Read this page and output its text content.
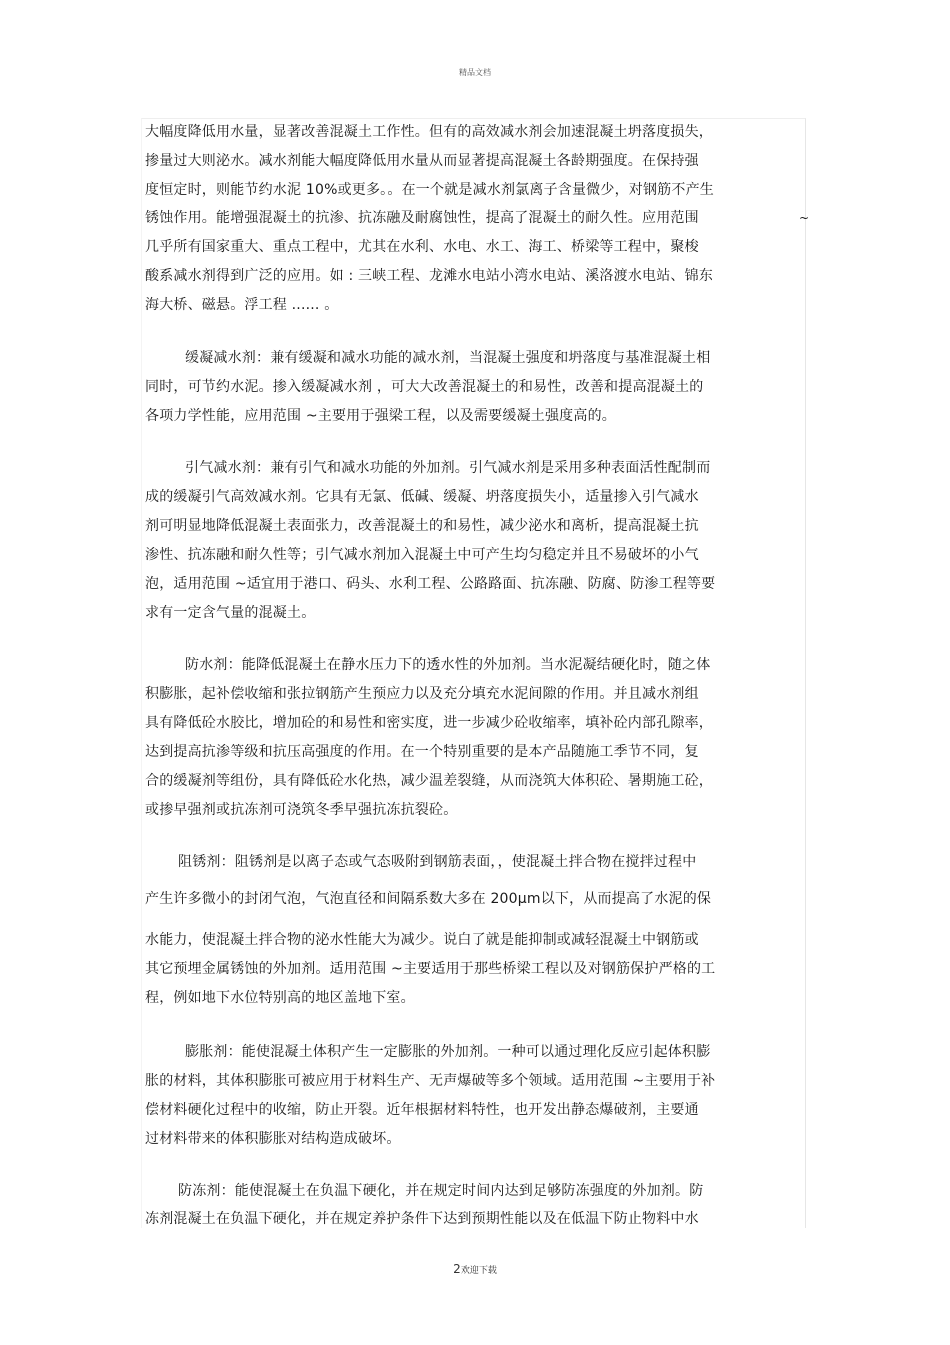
精品文档
大幅度降低用水量，显著改善混凝土工作性。但有的高效减水剂会加速混凝土坍落度损失，
掺量过大则泌水。减水剂能大幅度降低用水量从而显著提高混凝土各龄期强度。在保持强
度恒定时，则能节约水泥 10%或更多。。在一个就是减水剂氯离子含量微少，对钢筋不产生
锈蚀作用。能增强混凝土的抗渗、抗冻融及耐腐蚀性，提高了混凝土的耐久性。应用范围	~
几乎所有国家重大、重点工程中，尤其在水利、水电、水工、海工、桥梁等工程中，聚梭
酸系减水剂得到广泛的应用。如 : 三峡工程、龙滩水电站小湾水电站、溪洛渡水电站、锦东
海大桥、磁悬。浮工程 ...... 。
缓凝减水剂：兼有缓凝和减水功能的减水剂，当混凝土强度和坍落度与基准混凝土相
同时，可节约水泥。掺入缓凝减水剂 ，可大大改善混凝土的和易性，改善和提高混凝土的
各项力学性能，应用范围 ~主要用于强梁工程，以及需要缓凝土强度高的。
引气减水剂：兼有引气和减水功能的外加剂。引气减水剂是采用多种表面活性配制而
成的缓凝引气高效减水剂。它具有无氯、低碱、缓凝、坍落度损失小，适量掺入引气减水
剂可明显地降低混凝土表面张力，改善混凝土的和易性，减少泌水和离析，提高混凝土抗
渗性、抗冻融和耐久性等；引气减水剂加入混凝土中可产生均匀稳定并且不易破坏的小气
泡，适用范围 ~适宜用于港口、码头、水利工程、公路路面、抗冻融、防腐、防渗工程等要
求有一定含气量的混凝土。
防水剂：能降低混凝土在静水压力下的透水性的外加剂。当水泥凝结硬化时，随之体
积膨胀，起补偿收缩和张拉钢筋产生预应力以及充分填充水泥间隙的作用。并且减水剂组
具有降低砼水胶比，增加砼的和易性和密实度，进一步减少砼收缩率，填补砼内部孔隙率，
达到提高抗渗等级和抗压高强度的作用。在一个特别重要的是本产品随施工季节不同，复
合的缓凝剂等组份，具有降低砼水化热，减少温差裂缝，从而浇筑大体积砼、暑期施工砼，
或掺早强剂或抗冻剂可浇筑冬季早强抗冻抗裂砼。
阻锈剂：阻锈剂是以离子态或气态吸附到钢筋表面，，使混凝土拌合物在搅拌过程中
产生许多微小的封闭气泡，气泡直径和间隔系数大多在 200μm以下，从而提高了水泥的保
水能力，使混凝土拌合物的泌水性能大为减少。说白了就是能抑制或减轻混凝土中钢筋或
其它预埋金属锈蚀的外加剂。适用范围 ~主要适用于那些桥梁工程以及对钢筋保护严格的工
程，例如地下水位特别高的地区盖地下室。
膨胀剂：能使混凝土体积产生一定膨胀的外加剂。一种可以通过理化反应引起体积膨
胀的材料，其体积膨胀可被应用于材料生产、无声爆破等多个领域。适用范围 ~主要用于补
偿材料硬化过程中的收缩，防止开裂。近年根据材料特性，也开发出静态爆破剂，主要通
过材料带来的体积膨胀对结构造成破坏。
防冻剂：能使混凝土在负温下硬化，并在规定时间内达到足够防冻强度的外加剂。防
冻剂混凝土在负温下硬化，并在规定养护条件下达到预期性能以及在低温下防止物料中水
2欢迎下载
